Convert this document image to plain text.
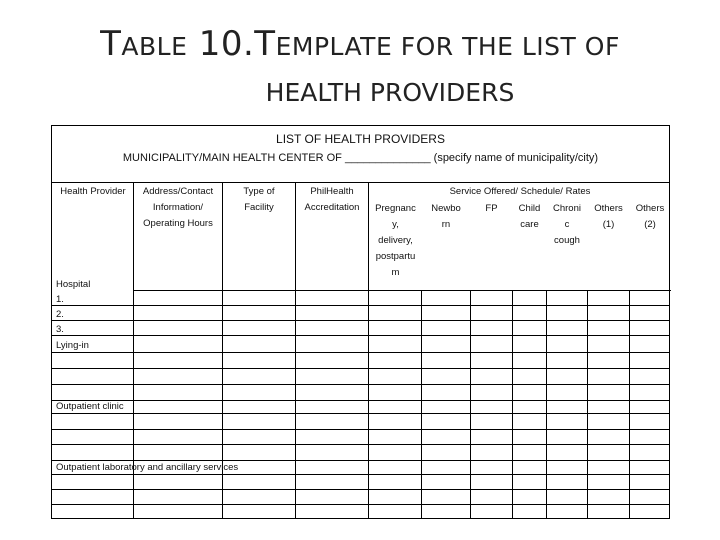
TABLE 10.TEMPLATE FOR THE LIST OF
HEALTH PROVIDERS
LIST OF HEALTH PROVIDERS
MUNICIPALITY/MAIN HEALTH CENTER OF ______________ (specify name of municipality/city)
Health Provider	Address/Contact
Information/
Operating Hours
Type of
Facility
PhilHealth
Accreditation
Service Offered/ Schedule/ Rates
Pregnanc
y,
delivery,
postpartu
m
Newbo
rn
FP	Child
care
Chroni
c
cough
Others
(1)
Others
(2)
Hospital
1.
2.
3.
Lying-in
Outpatient clinic
Outpatient laboratory and ancillary services
